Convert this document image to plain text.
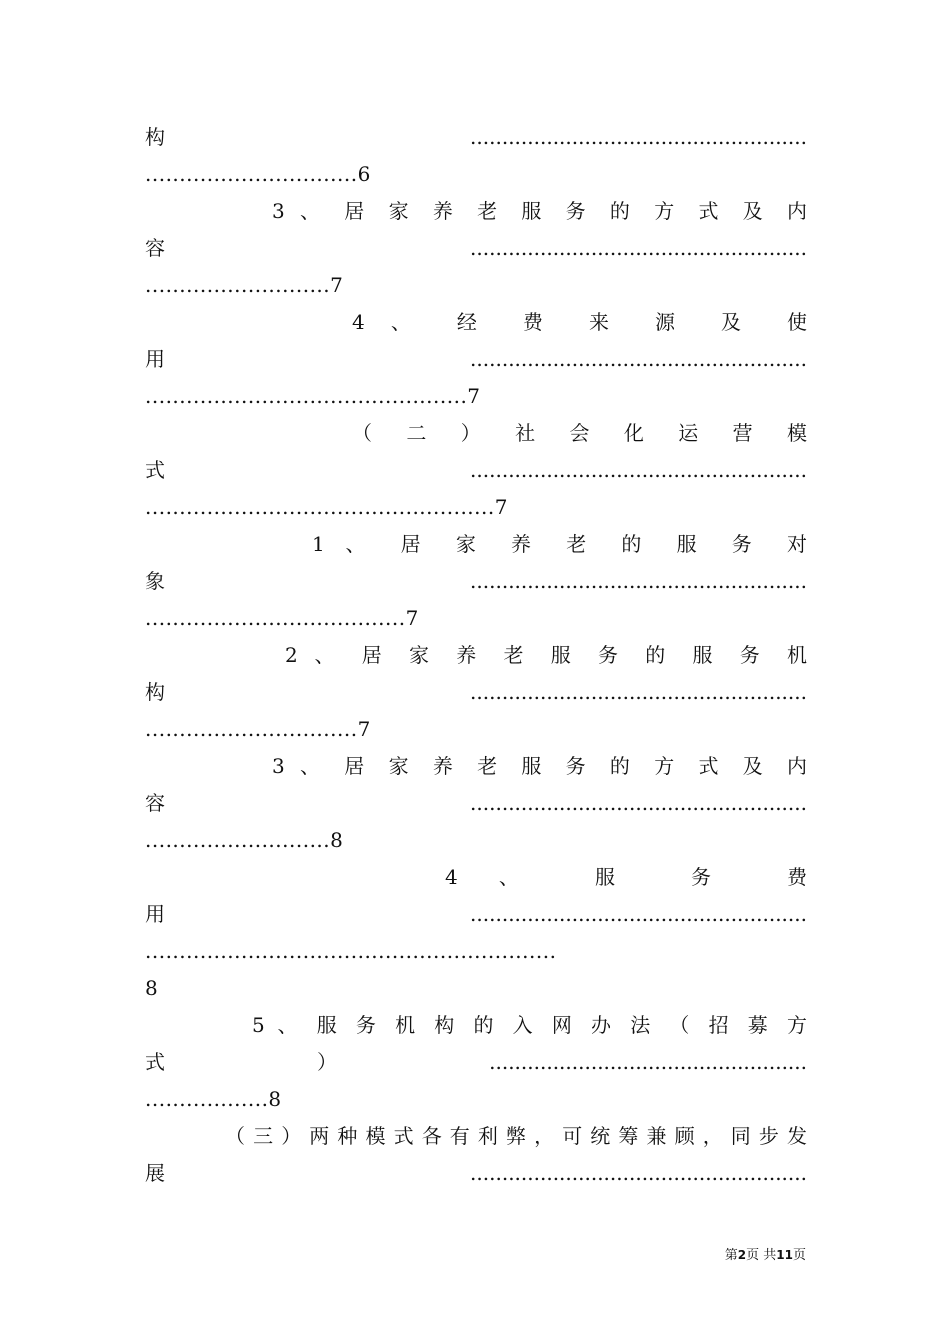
构.....................................................
...............................6
3 、 居 家 养 老 服 务 的 方 式 及 内
容.....................................................
...........................7
4 、 经 费 来 源 及 使
用.....................................................
...............................................7
（ 二 ） 社 会 化 运 营 模
式.....................................................
...................................................7
1 、 居 家 养 老 的 服 务 对
象.....................................................
......................................7
2 、 居 家 养 老 服 务 的 服 务 机
构.....................................................
...............................7
3 、 居 家 养 老 服 务 的 方 式 及 内
容.....................................................
...........................8
4 、 服 务 费
用.....................................................
............................................................
8
5 、 服 务 机 构 的 入 网 办 法 （ 招 募 方
式）..................................................
..................8
（三）两种模式各有利弊，可统筹兼顾，同步发
展.....................................................
第2页 共11页
